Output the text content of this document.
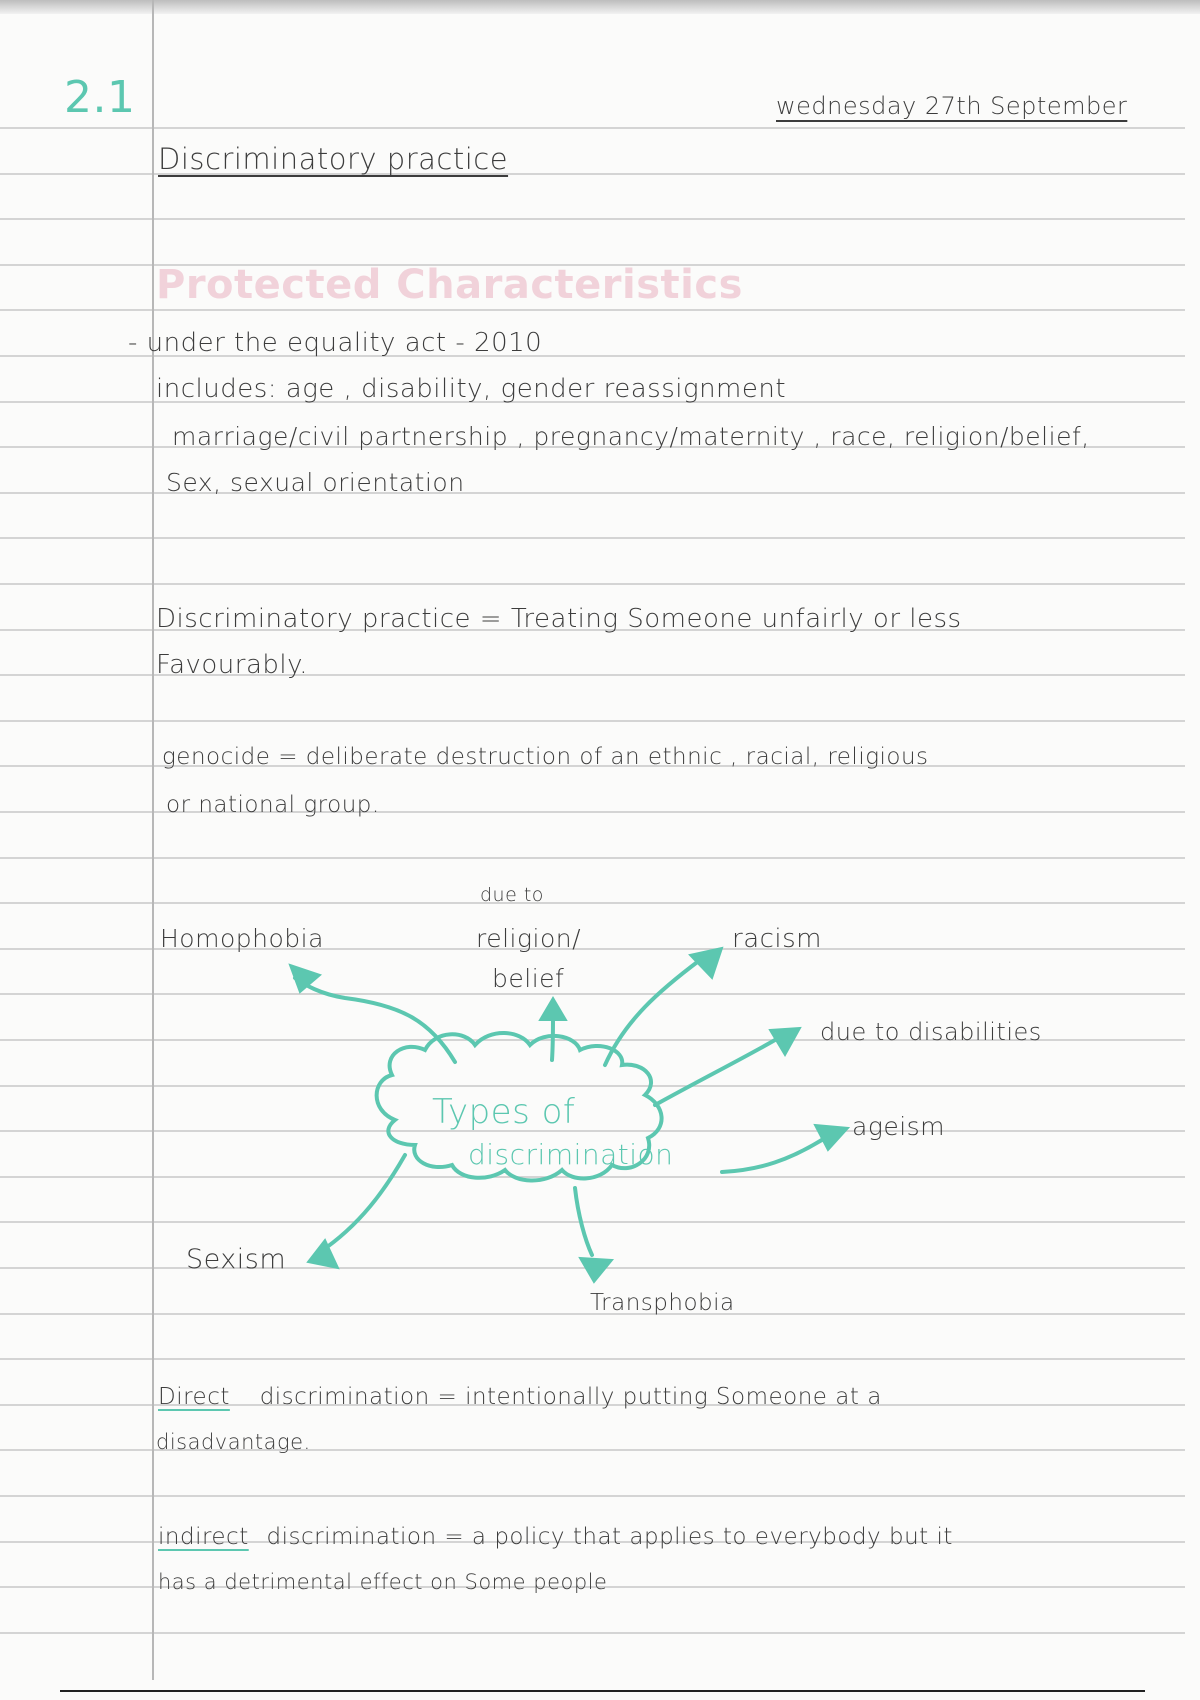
2.1	wednesday 27th September
Discriminatory practice
Protected Characteristics
- under the equality act - 2010
includes: age , disability, gender reassignment
marriage/civil partnership , pregnancy/maternity , race, religion/belief,
Sex, sexual orientation
Discriminatory practice = Treating Someone unfairly or less
Favourably.
genocide = deliberate destruction of an ethnic , racial, religious
or national group.
Types of
discrimination
Homophobia
due to
religion/
belief
racism
due to disabilities
ageism
Sexism
Transphobia
Direct discrimination = intentionally putting Someone at a
disadvantage.
indirect discrimination = a policy that applies to everybody but it
has a detrimental effect on Some people
